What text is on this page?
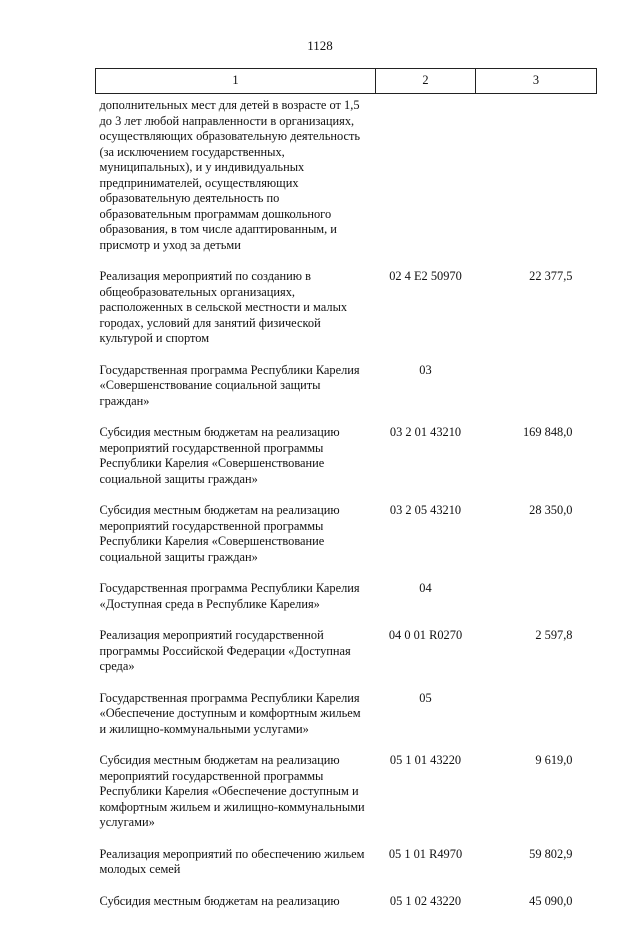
1128
1	2	3
дополнительных мест для детей в возрасте от 1,5 до 3 лет любой направленности в организациях, осуществляющих образовательную деятельность (за исключением государственных, муниципальных), и у индивидуальных предпринимателей, осуществляющих образовательную деятельность по образовательным программам дошкольного образования, в том числе адаптированным, и присмотр и уход за детьми		
Реализация мероприятий по созданию в общеобразовательных организациях, расположенных в сельской местности и малых городах, условий для занятий физической культурой и спортом	02 4 E2 50970	22 377,5
Государственная программа Республики Карелия «Совершенствование социальной защиты граждан»	03	
Субсидия местным бюджетам на реализацию мероприятий государственной программы Республики Карелия «Совершенствование социальной защиты граждан»	03 2 01 43210	169 848,0
Субсидия местным бюджетам на реализацию мероприятий государственной программы Республики Карелия «Совершенствование социальной защиты граждан»	03 2 05 43210	28 350,0
Государственная программа Республики Карелия «Доступная среда в Республике Карелия»	04	
Реализация мероприятий государственной программы Российской Федерации «Доступная среда»	04 0 01 R0270	2 597,8
Государственная программа Республики Карелия «Обеспечение доступным и комфортным жильем и жилищно-коммунальными услугами»	05	
Субсидия местным бюджетам на реализацию мероприятий государственной программы Республики Карелия «Обеспечение доступным и комфортным жильем и жилищно-коммунальными услугами»	05 1 01 43220	9 619,0
Реализация мероприятий по обеспечению жильем молодых семей	05 1 01 R4970	59 802,9
Субсидия местным бюджетам на реализацию	05 1 02 43220	45 090,0
